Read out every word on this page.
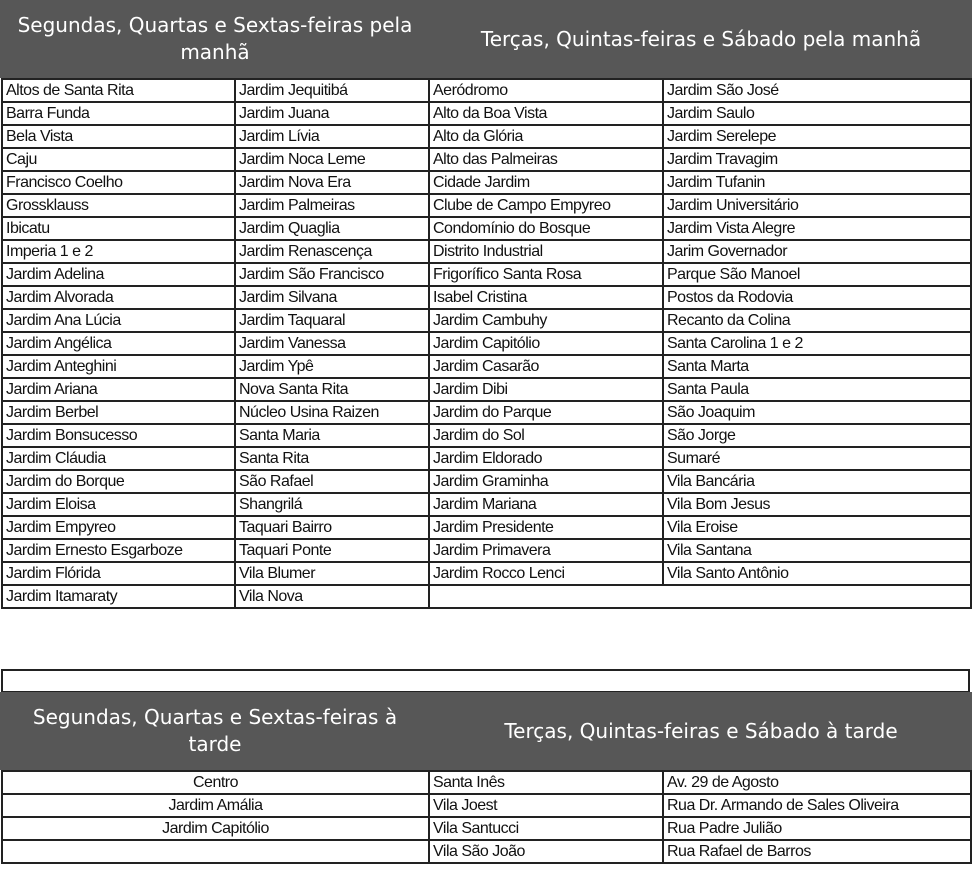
Segundas, Quartas e Sextas-feiras pela manhã
Terças, Quintas-feiras e Sábado pela manhã
Altos de Santa Rita	Jardim Jequitibá	Aeródromo	Jardim São José
Barra Funda	Jardim Juana	Alto da Boa Vista	Jardim Saulo
Bela Vista	Jardim Lívia	Alto da Glória	Jardim Serelepe
Caju	Jardim Noca Leme	Alto das Palmeiras	Jardim Travagim
Francisco Coelho	Jardim Nova Era	Cidade Jardim	Jardim Tufanin
Grossklauss	Jardim Palmeiras	Clube de Campo Empyreo	Jardim Universitário
Ibicatu	Jardim Quaglia	Condomínio do Bosque	Jardim Vista Alegre
Imperia 1 e 2	Jardim Renascença	Distrito Industrial	Jarim Governador
Jardim Adelina	Jardim São Francisco	Frigorífico Santa Rosa	Parque São Manoel
Jardim Alvorada	Jardim Silvana	Isabel Cristina	Postos da Rodovia
Jardim Ana Lúcia	Jardim Taquaral	Jardim Cambuhy	Recanto da Colina
Jardim Angélica	Jardim Vanessa	Jardim Capitólio	Santa Carolina 1 e 2
Jardim Anteghini	Jardim Ypê	Jardim Casarão	Santa Marta
Jardim Ariana	Nova Santa Rita	Jardim Dibi	Santa Paula
Jardim Berbel	Núcleo Usina Raizen	Jardim do Parque	São Joaquim
Jardim Bonsucesso	Santa Maria	Jardim do Sol	São Jorge
Jardim Cláudia	Santa Rita	Jardim Eldorado	Sumaré
Jardim do Borque	São Rafael	Jardim Graminha	Vila Bancária
Jardim Eloisa	Shangrilá	Jardim Mariana	Vila Bom Jesus
Jardim Empyreo	Taquari Bairro	Jardim Presidente	Vila Eroise
Jardim Ernesto Esgarboze	Taquari Ponte	Jardim Primavera	Vila Santana
Jardim Flórida	Vila Blumer	Jardim Rocco Lenci	Vila Santo Antônio
Jardim Itamaraty	Vila Nova		
Segundas, Quartas e Sextas-feiras à tarde
Terças, Quintas-feiras e Sábado à tarde
Centro	Santa Inês	Av. 29 de Agosto
Jardim Amália	Vila Joest	Rua Dr. Armando de Sales Oliveira
Jardim Capitólio	Vila Santucci	Rua Padre Julião
	Vila São João	Rua Rafael de Barros
